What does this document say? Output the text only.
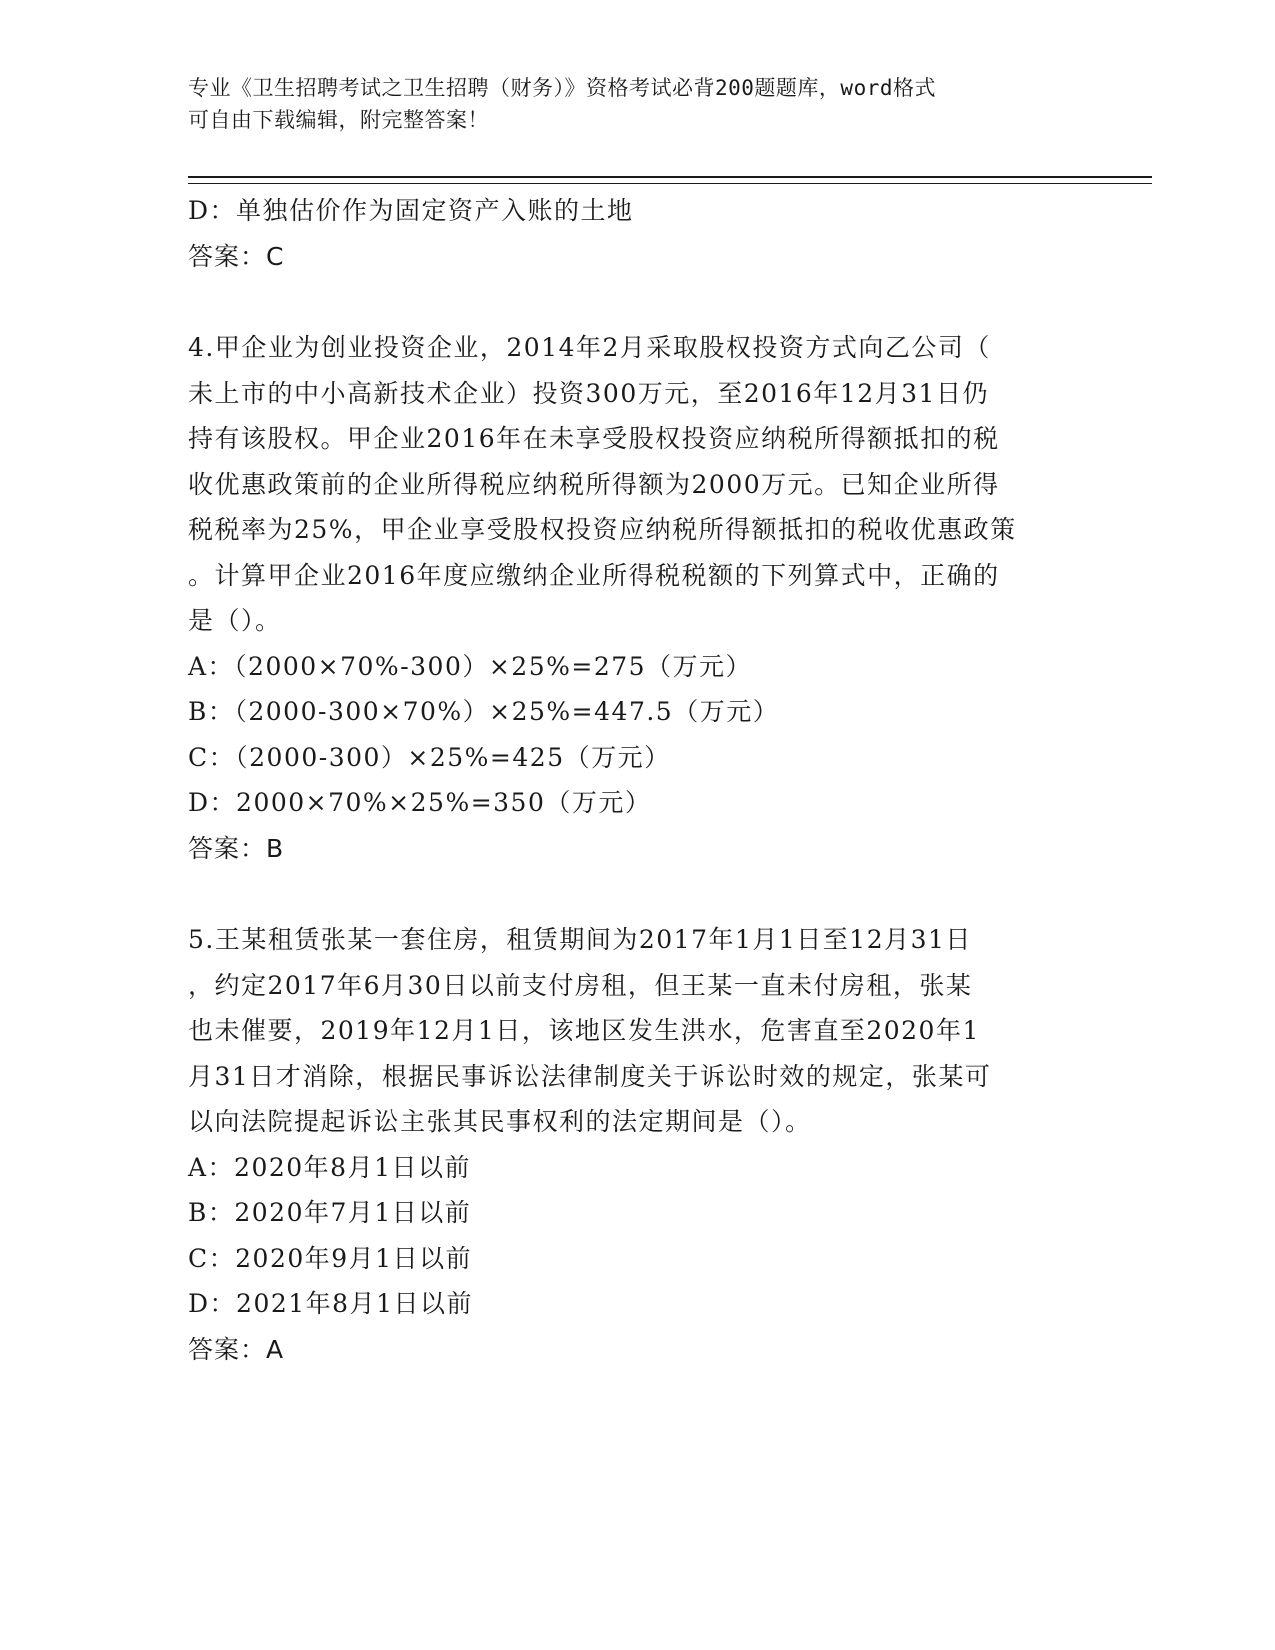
专业《卫生招聘考试之卫生招聘（财务）》资格考试必背200题题库，word格式
可自由下载编辑，附完整答案！
D：单独估价作为固定资产入账的土地
答案：C
4.甲企业为创业投资企业，2014年2月采取股权投资方式向乙公司（
未上市的中小高新技术企业）投资300万元，至2016年12月31日仍
持有该股权。甲企业2016年在未享受股权投资应纳税所得额抵扣的税
收优惠政策前的企业所得税应纳税所得额为2000万元。已知企业所得
税税率为25%，甲企业享受股权投资应纳税所得额抵扣的税收优惠政策
。计算甲企业2016年度应缴纳企业所得税税额的下列算式中，正确的
是（）。
A：（2000×70%-300）×25%=275（万元）
B：（2000-300×70%）×25%=447.5（万元）
C：（2000-300）×25%=425（万元）
D：2000×70%×25%=350（万元）
答案：B
5.王某租赁张某一套住房，租赁期间为2017年1月1日至12月31日
，约定2017年6月30日以前支付房租，但王某一直未付房租，张某
也未催要，2019年12月1日，该地区发生洪水，危害直至2020年1
月31日才消除，根据民事诉讼法律制度关于诉讼时效的规定，张某可
以向法院提起诉讼主张其民事权利的法定期间是（）。
A：2020年8月1日以前
B：2020年7月1日以前
C：2020年9月1日以前
D：2021年8月1日以前
答案：A
